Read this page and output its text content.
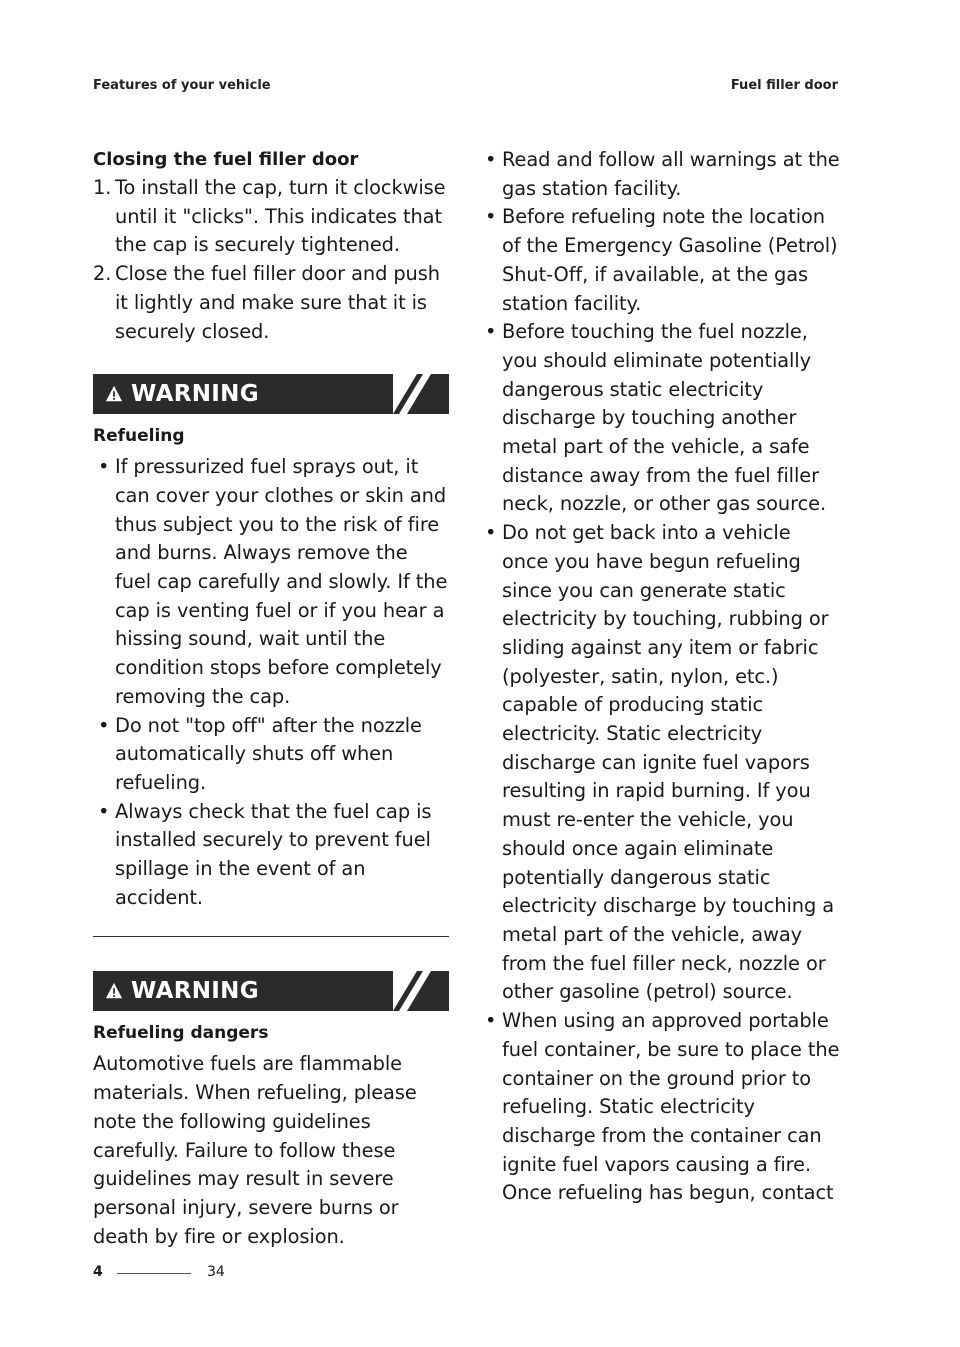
Features of your vehicle	Fuel filler door
Closing the fuel filler door
1. To install the cap, turn it clockwise until it "clicks". This indicates that the cap is securely tightened.
2. Close the fuel filler door and push it lightly and make sure that it is securely closed.
WARNING
Refueling
• If pressurized fuel sprays out, it can cover your clothes or skin and thus subject you to the risk of fire and burns. Always remove the fuel cap carefully and slowly. If the cap is venting fuel or if you hear a hissing sound, wait until the condition stops before completely removing the cap.
• Do not "top off" after the nozzle automatically shuts off when refueling.
• Always check that the fuel cap is installed securely to prevent fuel spillage in the event of an accident.
WARNING
Refueling dangers

Automotive fuels are flammable materials. When refueling, please note the following guidelines carefully. Failure to follow these guidelines may result in severe personal injury, severe burns or death by fire or explosion.

• Read and follow all warnings at the gas station facility.
• Before refueling note the location of the Emergency Gasoline (Petrol) Shut-Off, if available, at the gas station facility.
• Before touching the fuel nozzle, you should eliminate potentially dangerous static electricity discharge by touching another metal part of the vehicle, a safe distance away from the fuel filler neck, nozzle, or other gas source.
• Do not get back into a vehicle once you have begun refueling since you can generate static electricity by touching, rubbing or sliding against any item or fabric (polyester, satin, nylon, etc.) capable of producing static electricity. Static electricity discharge can ignite fuel vapors resulting in rapid burning. If you must re-enter the vehicle, you should once again eliminate potentially dangerous static electricity discharge by touching a metal part of the vehicle, away from the fuel filler neck, nozzle or other gasoline (petrol) source.
• When using an approved portable fuel container, be sure to place the container on the ground prior to refueling. Static electricity discharge from the container can ignite fuel vapors causing a fire. Once refueling has begun, contact
4	34
